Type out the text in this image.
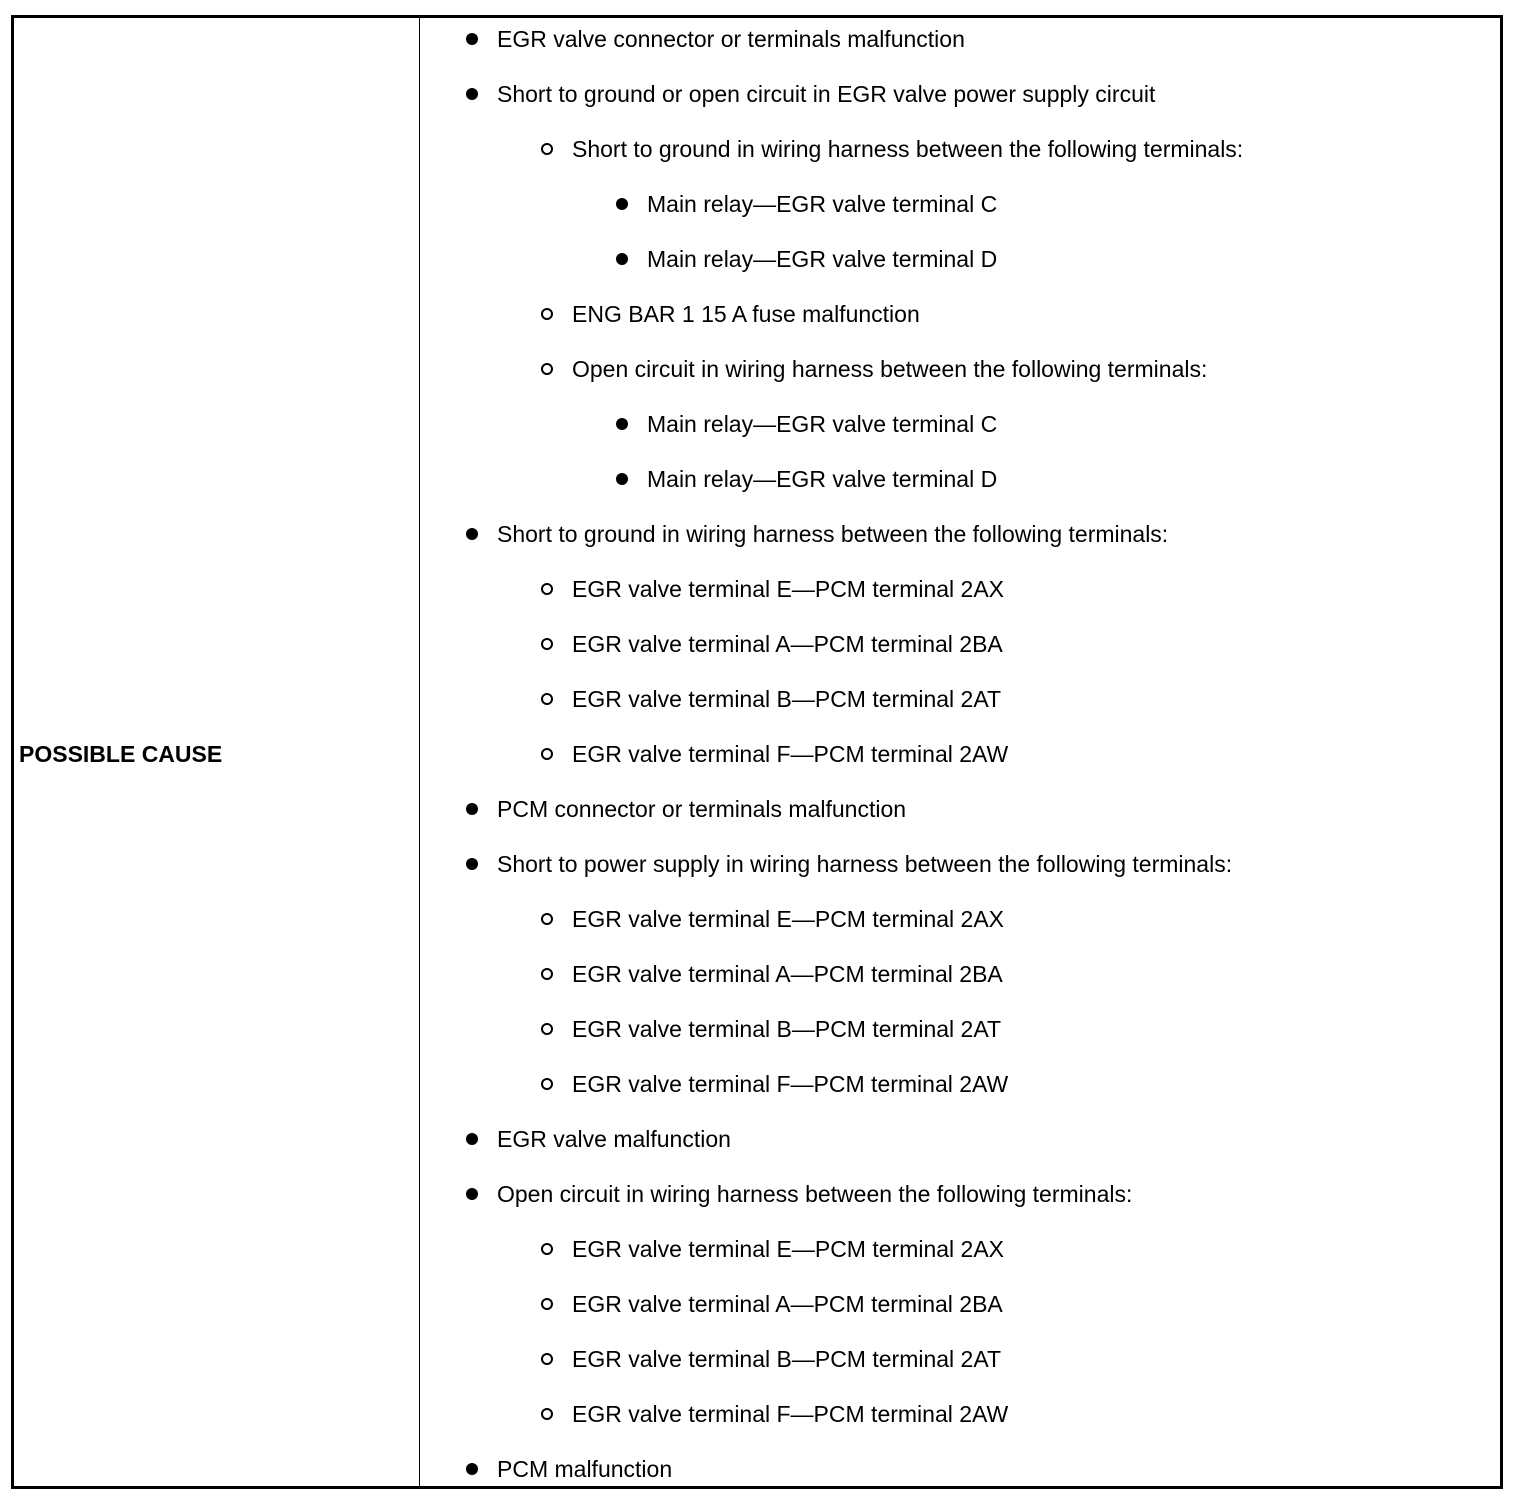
POSSIBLE CAUSE
EGR valve connector or terminals malfunction
Short to ground or open circuit in EGR valve power supply circuit
Short to ground in wiring harness between the following terminals:
Main relay—EGR valve terminal C
Main relay—EGR valve terminal D
ENG BAR 1 15 A fuse malfunction
Open circuit in wiring harness between the following terminals:
Main relay—EGR valve terminal C
Main relay—EGR valve terminal D
Short to ground in wiring harness between the following terminals:
EGR valve terminal E—PCM terminal 2AX
EGR valve terminal A—PCM terminal 2BA
EGR valve terminal B—PCM terminal 2AT
EGR valve terminal F—PCM terminal 2AW
PCM connector or terminals malfunction
Short to power supply in wiring harness between the following terminals:
EGR valve terminal E—PCM terminal 2AX
EGR valve terminal A—PCM terminal 2BA
EGR valve terminal B—PCM terminal 2AT
EGR valve terminal F—PCM terminal 2AW
EGR valve malfunction
Open circuit in wiring harness between the following terminals:
EGR valve terminal E—PCM terminal 2AX
EGR valve terminal A—PCM terminal 2BA
EGR valve terminal B—PCM terminal 2AT
EGR valve terminal F—PCM terminal 2AW
PCM malfunction
